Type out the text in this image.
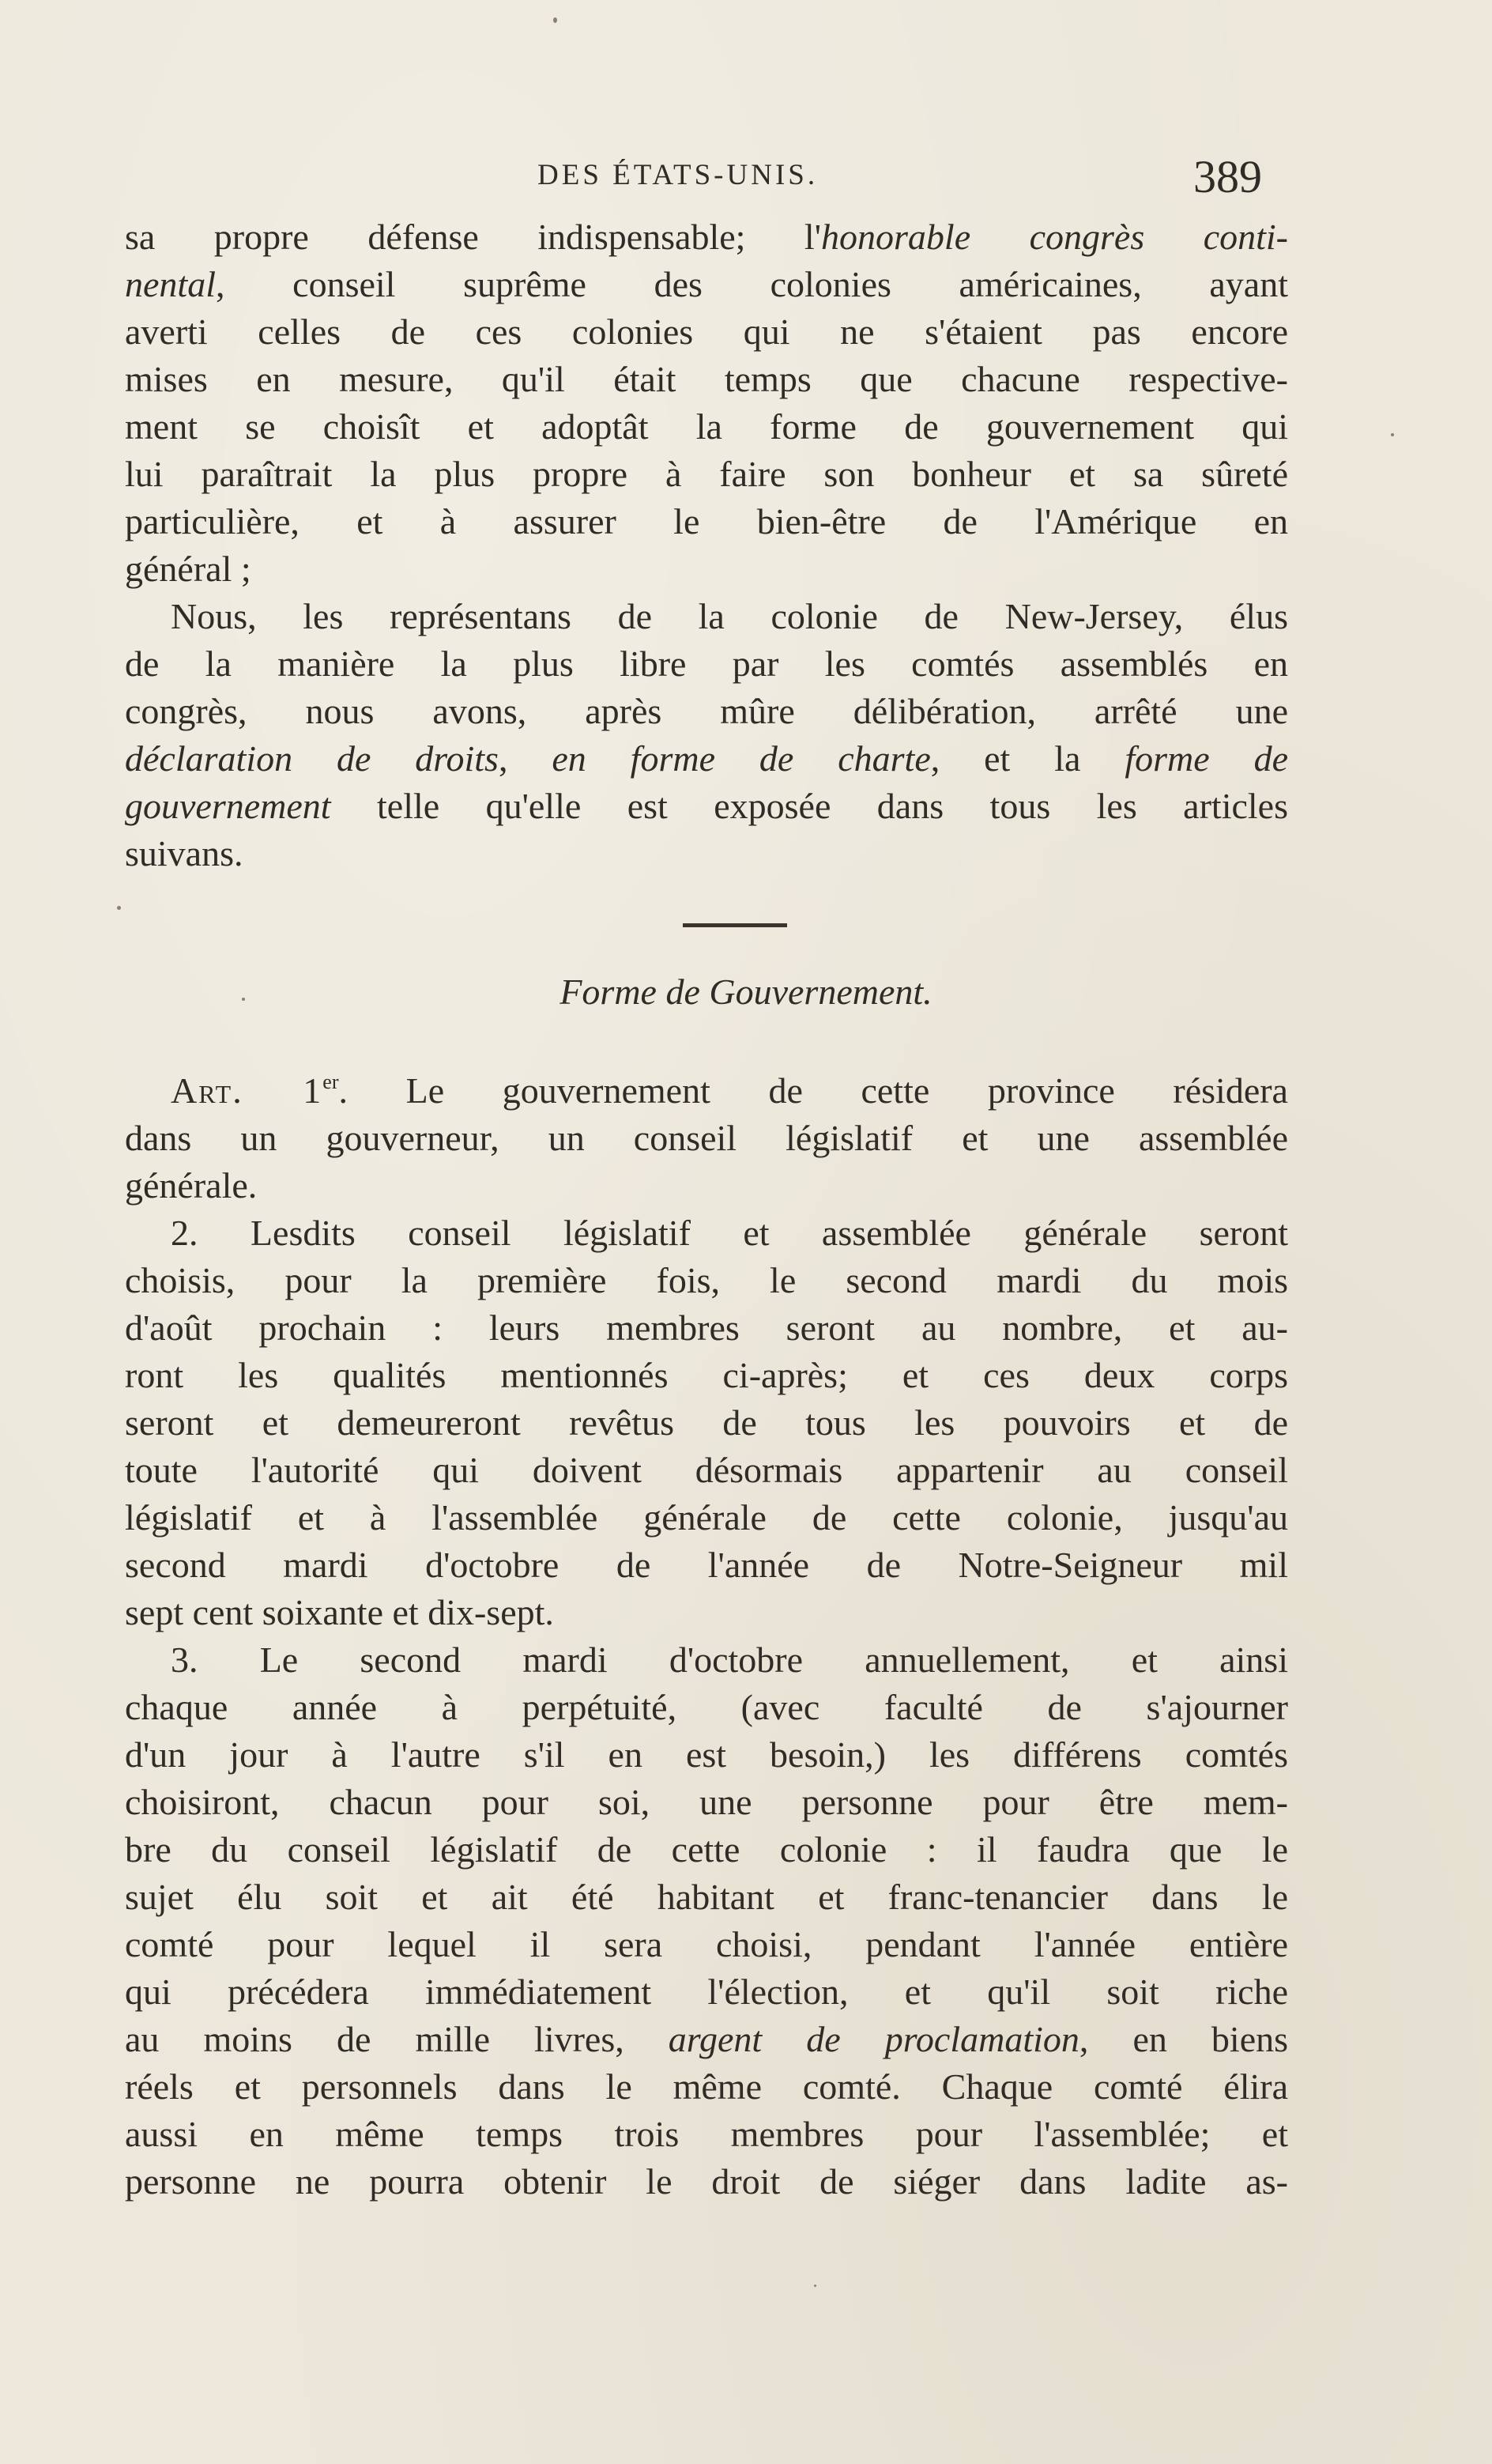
DES ÉTATS-UNIS.	389
sa propre défense indispensable; l'honorable congrès conti-
nental, conseil suprême des colonies américaines, ayant
averti celles de ces colonies qui ne s'étaient pas encore
mises en mesure, qu'il était temps que chacune respective-
ment se choisît et adoptât la forme de gouvernement qui
lui paraîtrait la plus propre à faire son bonheur et sa sûreté
particulière, et à assurer le bien-être de l'Amérique en
général ;
Nous, les représentans de la colonie de New-Jersey, élus
de la manière la plus libre par les comtés assemblés en
congrès, nous avons, après mûre délibération, arrêté une
déclaration de droits, en forme de charte, et la forme de
gouvernement telle qu'elle est exposée dans tous les articles
suivans.
Forme de Gouvernement.
Art. 1er. Le gouvernement de cette province résidera
dans un gouverneur, un conseil législatif et une assemblée
générale.
2. Lesdits conseil législatif et assemblée générale seront
choisis, pour la première fois, le second mardi du mois
d'août prochain : leurs membres seront au nombre, et au-
ront les qualités mentionnés ci-après; et ces deux corps
seront et demeureront revêtus de tous les pouvoirs et de
toute l'autorité qui doivent désormais appartenir au conseil
législatif et à l'assemblée générale de cette colonie, jusqu'au
second mardi d'octobre de l'année de Notre-Seigneur mil
sept cent soixante et dix-sept.
3. Le second mardi d'octobre annuellement, et ainsi
chaque année à perpétuité, (avec faculté de s'ajourner
d'un jour à l'autre s'il en est besoin,) les différens comtés
choisiront, chacun pour soi, une personne pour être mem-
bre du conseil législatif de cette colonie : il faudra que le
sujet élu soit et ait été habitant et franc-tenancier dans le
comté pour lequel il sera choisi, pendant l'année entière
qui précédera immédiatement l'élection, et qu'il soit riche
au moins de mille livres, argent de proclamation, en biens
réels et personnels dans le même comté. Chaque comté élira
aussi en même temps trois membres pour l'assemblée; et
personne ne pourra obtenir le droit de siéger dans ladite as-
